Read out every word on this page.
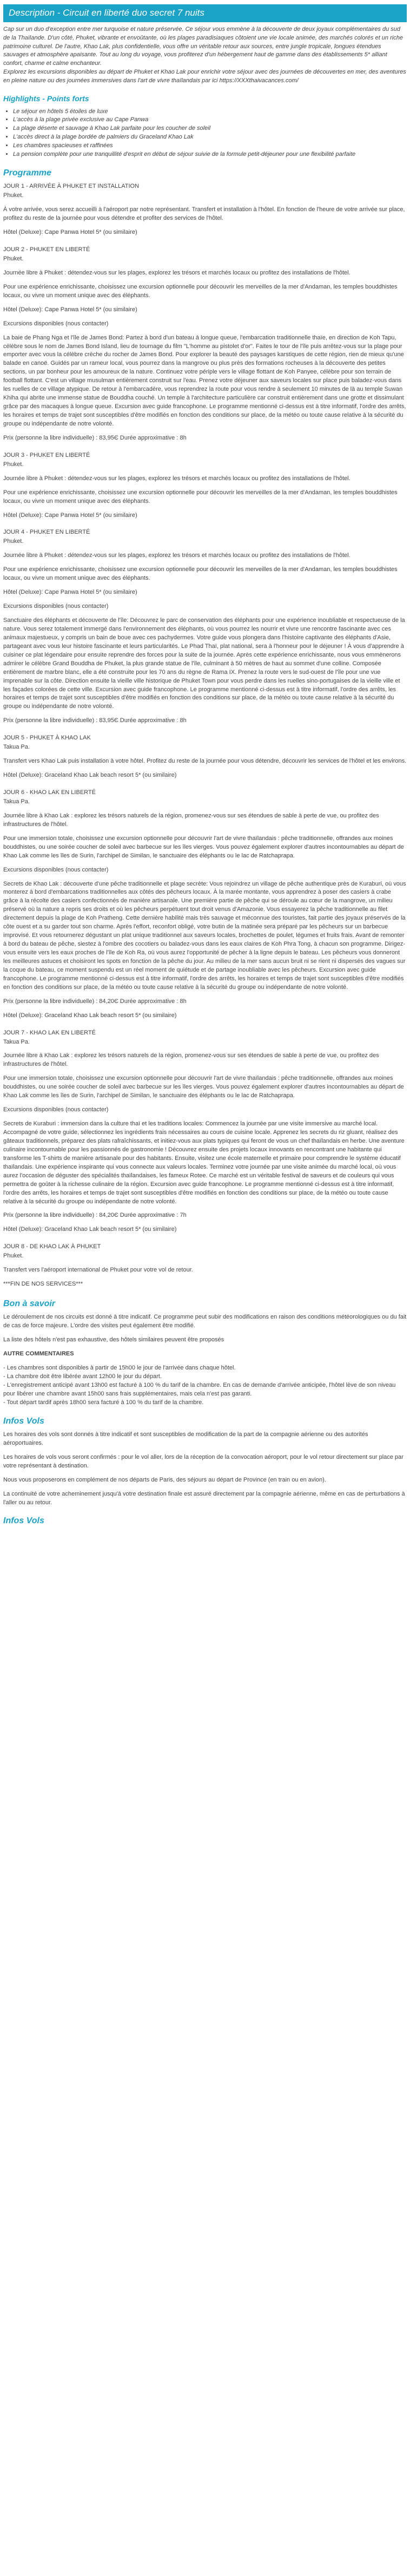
Description - Circuit en liberté duo secret 7 nuits

Cap sur un duo d'exception entre mer turquoise et nature préservée. Ce séjour vous emmène à la découverte de deux joyaux complémentaires du sud de la Thaïlande. D'un côté, Phuket, vibrante et envoûtante, où les plages paradisiaques côtoient une vie locale animée, des marchés colorés et un riche patrimoine culturel. De l'autre, Khao Lak, plus confidentielle, vous offre un véritable retour aux sources, entre jungle tropicale, longues étendues sauvages et atmosphère apaisante. Tout au long du voyage, vous profiterez d'un hébergement haut de gamme dans des établissements 5* alliant confort, charme et calme enchanteur.

Explorez les excursions disponibles au départ de Phuket et Khao Lak pour enrichir votre séjour avec des journées de découvertes en mer, des aventures en pleine nature ou des journées immersives dans l'art de vivre thaïlandais par ici https://XXXthaivacances.com/

Highlights - Points forts
• Le séjour en hôtels 5 étoiles de luxe
• L'accès à la plage privée exclusive au Cape Panwa
• La plage déserte et sauvage à Khao Lak parfaite pour les coucher de soleil
• L'accès direct à la plage bordée de palmiers du Graceland Khao Lak
• Les chambres spacieuses et raffinées
• La pension complète pour une tranquillité d'esprit en début de séjour suivie de la formule petit-déjeuner pour une flexibilité parfaite
Programme
JOUR 1 - ARRIVÉE À PHUKET ET INSTALLATION

Phuket.

À votre arrivée, vous serez accueilli à l'aéroport par notre représentant. Transfert et installation à l'hôtel. En fonction de l'heure de votre arrivée sur place, profitez du reste de la journée pour vous détendre et profiter des services de l'hôtel.

Hôtel (Deluxe): Cape Panwa Hotel 5* (ou similaire)

JOUR 2 - PHUKET EN LIBERTÉ

Phuket.

Journée libre à Phuket : détendez-vous sur les plages, explorez les trésors et marchés locaux ou profitez des installations de l'hôtel.

Pour une expérience enrichissante, choisissez une excursion optionnelle pour découvrir les merveilles de la mer d'Andaman, les temples bouddhistes locaux, ou vivre un moment unique avec des éléphants.

Hôtel (Deluxe): Cape Panwa Hotel 5* (ou similaire)

Excursions disponibles (nous contacter)

La baie de Phang Nga et l'île de James Bond: Partez à bord d'un bateau à longue queue, l'embarcation traditionnelle thaïe, en direction de Koh Tapu, célèbre sous le nom de James Bond Island, lieu de tournage du film "L'homme au pistolet d'or". Faites le tour de l'île puis arrêtez-vous sur la plage pour emporter avec vous la célèbre crèche du rocher de James Bond. Pour explorer la beauté des paysages karstiques de cette région, rien de mieux qu'une balade en canoë. Guidés par un rameur local, vous pourrez dans la mangrove ou plus près des formations rocheuses à la découverte des petites sections, un par bonheur pour les amoureux de la nature. Continuez votre périple vers le village flottant de Koh Panyee, célèbre pour son terrain de football flottant. C'est un village musulman entièrement construit sur l'eau. Prenez votre déjeuner aux saveurs locales sur place puis baladez-vous dans les ruelles de ce village atypique. De retour à l'embarcadère, vous reprendrez la route pour vous rendre à seulement 10 minutes de là au temple Suwan Khiha qui abrite une immense statue de Bouddha couché. Un temple à l'architecture particulière car construit entièrement dans une grotte et dissimulant grâce par des macaques à longue queue. Excursion avec guide francophone. Le programme mentionné ci-dessus est à titre informatif, l'ordre des arrêts, les horaires et temps de trajet sont susceptibles d'être modifiés en fonction des conditions sur place, de la météo ou toute cause relative à la sécurité du groupe ou indépendante de notre volonté.

Prix (personne la libre individuelle) : 83,95Є Durée approximative : 8h

JOUR 3 - PHUKET EN LIBERTÉ

Phuket.

Journée libre à Phuket : détendez-vous sur les plages, explorez les trésors et marchés locaux ou profitez des installations de l'hôtel.

Pour une expérience enrichissante, choisissez une excursion optionnelle pour découvrir les merveilles de la mer d'Andaman, les temples bouddhistes locaux, ou vivre un moment unique avec des éléphants.

Hôtel (Deluxe): Cape Panwa Hotel 5* (ou similaire)

JOUR 4 - PHUKET EN LIBERTÉ

Phuket.

Journée libre à Phuket : détendez-vous sur les plages, explorez les trésors et marchés locaux ou profitez des installations de l'hôtel.

Pour une expérience enrichissante, choisissez une excursion optionnelle pour découvrir les merveilles de la mer d'Andaman, les temples bouddhistes locaux, ou vivre un moment unique avec des éléphants.

Hôtel (Deluxe): Cape Panwa Hotel 5* (ou similaire)

Excursions disponibles (nous contacter)

Sanctuaire des éléphants et découverte de l'île: Découvrez le parc de conservation des éléphants pour une expérience inoubliable et respectueuse de la nature. Vous serez totalement immergé dans l'environnement des éléphants, où vous pourrez les nourrir et vivre une rencontre fascinante avec ces animaux majestueux, y compris un bain de boue avec ces pachydermes. Votre guide vous plongera dans l'histoire captivante des éléphants d'Asie, partageant avec vous leur histoire fascinante et leurs particularités. Le Phad Thaï, plat national, sera à l'honneur pour le déjeuner ! À vous d'apprendre à cuisiner ce plat légendaire pour ensuite reprendre des forces pour la suite de la journée. Après cette expérience enrichissante, nous vous emmènerons admirer le célèbre Grand Bouddha de Phuket, la plus grande statue de l'île, culminant à 50 mètres de haut au sommet d'une colline. Composée entièrement de marbre blanc, elle a été construite pour les 70 ans du règne de Rama IX. Prenez la route vers le sud-ouest de l'île pour une vue imprenable sur la côte. Direction ensuite la vieille ville historique de Phuket Town pour vous perdre dans les ruelles sino-portugaises de la vieille ville et les façades colorées de cette ville. Excursion avec guide francophone. Le programme mentionné ci-dessus est à titre informatif, l'ordre des arrêts, les horaires et temps de trajet sont susceptibles d'être modifiés en fonction des conditions sur place, de la météo ou toute cause relative à la sécurité du groupe ou indépendante de notre volonté.

Prix (personne la libre individuelle) : 83,95Є Durée approximative : 8h

JOUR 5 - PHUKET À KHAO LAK

Takua Pa.

Transfert vers Khao Lak puis installation à votre hôtel. Profitez du reste de la journée pour vous détendre, découvrir les services de l'hôtel et les environs.

Hôtel (Deluxe): Graceland Khao Lak beach resort 5* (ou similaire)

JOUR 6 - KHAO LAK EN LIBERTÉ

Takua Pa.

Journée libre à Khao Lak : explorez les trésors naturels de la région, promenez-vous sur ses étendues de sable à perte de vue, ou profitez des infrastructures de l'hôtel.

Pour une immersion totale, choisissez une excursion optionnelle pour découvrir l'art de vivre thaïlandais : pêche traditionnelle, offrandes aux moines bouddhistes, ou une soirée coucher de soleil avec barbecue sur les îles vierges. Vous pouvez également explorer d'autres incontournables au départ de Khao Lak comme les îles de Surin, l'archipel de Similan, le sanctuaire des éléphants ou le lac de Ratchaprapa.

Excursions disponibles (nous contacter)

Secrets de Khao Lak : découverte d'une pêche traditionnelle et plage secrète: Vous rejoindrez un village de pêche authentique près de Kuraburi, où vous monterez à bord d'embarcations traditionnelles aux côtés des pêcheurs locaux. À la marée montante, vous apprendrez à poser des casiers à crabe grâce à la récolte des casiers confectionnés de manière artisanale. Une première partie de pêche qui se déroule au cœur de la mangrove, un milieu préservé où la nature a repris ses droits et où les pêcheurs perpétuent tout droit venus d'Amazonie. Vous essayerez la pêche traditionnelle au filet directement depuis la plage de Koh Pratheng. Cette dernière habilité mais très sauvage et méconnue des touristes, fait partie des joyaux préservés de la côte ouest et a su garder tout son charme. Après l'effort, reconfort obligé, votre butin de la matinée sera préparé par les pêcheurs sur un barbecue improvisé. Et vous retournerez dégustant un plat unique traditionnel aux saveurs locales, brochettes de poulet, légumes et fruits frais. Avant de remonter à bord du bateau de pêche, siestez à l'ombre des cocotiers ou baladez-vous dans les eaux claires de Koh Phra Tong, à chacun son programme. Dirigez-vous ensuite vers les eaux proches de l'île de Koh Ra, où vous aurez l'opportunité de pêcher à la ligne depuis le bateau. Les pêcheurs vous donneront les meilleures astuces et choisiront les spots en fonction de la pêche du jour. Au milieu de la mer sans aucun bruit ni se rient ni dispersés des vagues sur la coque du bateau, ce moment suspendu est un réel moment de quiétude et de partage inoubliable avec les pêcheurs. Excursion avec guide francophone. Le programme mentionné ci-dessus est à titre informatif, l'ordre des arrêts, les horaires et temps de trajet sont susceptibles d'être modifiés en fonction des conditions sur place, de la météo ou toute cause relative à la sécurité du groupe ou indépendante de notre volonté.

Prix (personne la libre individuelle) : 84,20Є Durée approximative : 8h

Hôtel (Deluxe): Graceland Khao Lak beach resort 5* (ou similaire)

JOUR 7 - KHAO LAK EN LIBERTÉ

Takua Pa.

Journée libre à Khao Lak : explorez les trésors naturels de la région, promenez-vous sur ses étendues de sable à perte de vue, ou profitez des infrastructures de l'hôtel.

Pour une immersion totale, choisissez une excursion optionnelle pour découvrir l'art de vivre thaïlandais : pêche traditionnelle, offrandes aux moines bouddhistes, ou une soirée coucher de soleil avec barbecue sur les îles vierges. Vous pouvez également explorer d'autres incontournables au départ de Khao Lak comme les îles de Surin, l'archipel de Similan, le sanctuaire des éléphants ou le lac de Ratchaprapa.

Excursions disponibles (nous contacter)

Secrets de Kuraburi : immersion dans la culture thaï et les traditions locales: Commencez la journée par une visite immersive au marché local. Accompagné de votre guide, sélectionnez les ingrédients frais nécessaires au cours de cuisine locale. Apprenez les secrets du riz gluant, réalisez des gâteaux traditionnels, préparez des plats rafraîchissants, et initiez-vous aux plats typiques qui feront de vous un chef thaïlandais en herbe. Une aventure culinaire incontournable pour les passionnés de gastronomie ! Découvrez ensuite des projets locaux innovants en rencontrant une habitante qui transforme les T-shirts de manière artisanale pour des habitants. Ensuite, visitez une école maternelle et primaire pour comprendre le système éducatif thaïlandais. Une expérience inspirante qui vous connecte aux valeurs locales. Terminez votre journée par une visite animée du marché local, où vous aurez l'occasion de déguster des spécialités thaïlandaises, les fameux Rotee. Ce marché est un véritable festival de saveurs et de couleurs qui vous permettra de goûter à la richesse culinaire de la région. Excursion avec guide francophone. Le programme mentionné ci-dessus est à titre informatif, l'ordre des arrêts, les horaires et temps de trajet sont susceptibles d'être modifiés en fonction des conditions sur place, de la météo ou toute cause relative à la sécurité du groupe ou indépendante de notre volonté.

Prix (personne la libre individuelle) : 84,20Є Durée approximative : 7h

Hôtel (Deluxe): Graceland Khao Lak beach resort 5* (ou similaire)

JOUR 8 - DE KHAO LAK À PHUKET

Phuket.

Transfert vers l'aéroport international de Phuket pour votre vol de retour.

***FIN DE NOS SERVICES***

Bon à savoir

Le déroulement de nos circuits est donné à titre indicatif. Ce programme peut subir des modifications en raison des conditions météorologiques ou du fait de cas de force majeure. L'ordre des visites peut également être modifié.

La liste des hôtels n'est pas exhaustive, des hôtels similaires peuvent être proposés

AUTRE COMMENTAIRES

- Les chambres sont disponibles à partir de 15h00 le jour de l'arrivée dans chaque hôtel.
- La chambre doit être libérée avant 12h00 le jour du départ.
- L'enregistrement anticipé avant 13h00 est facturé à 100 % du tarif de la chambre. En cas de demande d'arrivée anticipée, l'hôtel lève de son niveau pour libérer une chambre avant 15h00 sans frais supplémentaires, mais cela n'est pas garanti.
- Tout départ tardif après 18h00 sera facturé à 100 % du tarif de la chambre.
Infos Vols

Les horaires des vols sont donnés à titre indicatif et sont susceptibles de modification de la part de la compagnie aérienne ou des autorités aéroportuaires.

Les horaires de vols vous seront confirmés : pour le vol aller, lors de la réception de la convocation aéroport, pour le vol retour directement sur place par votre représentant à destination.

Nous vous proposerons en complément de nos départs de Paris, des séjours au départ de Province (en train ou en avion).

La continuité de votre acheminement jusqu'à votre destination finale est assuré directement par la compagnie aérienne, même en cas de perturbations à l'aller ou au retour.

Infos Vols
